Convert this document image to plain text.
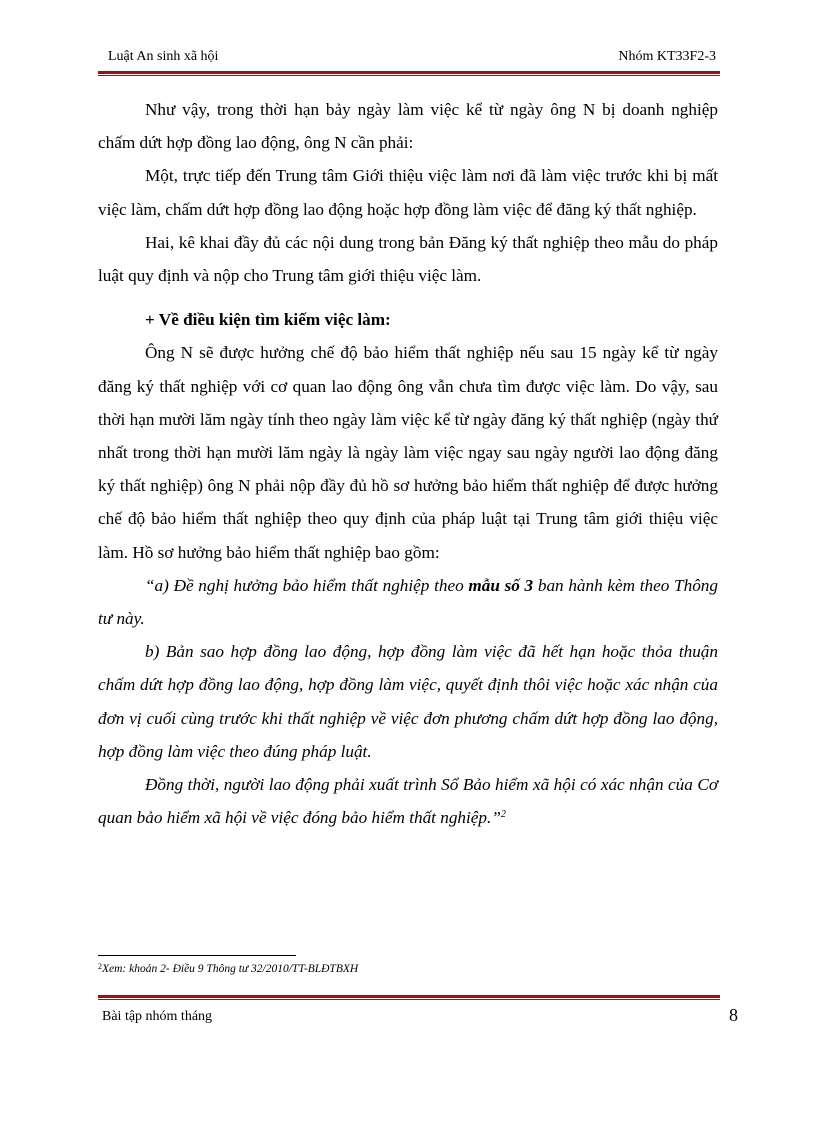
Luật An sinh xã hội	Nhóm KT33F2-3

Như vậy, trong thời hạn bảy ngày làm việc kể từ ngày ông N bị doanh nghiệp chấm dứt hợp đồng lao động, ông N cần phải:

Một, trực tiếp đến Trung tâm Giới thiệu việc làm nơi đã làm việc trước khi bị mất việc làm, chấm dứt hợp đồng lao động hoặc hợp đồng làm việc để đăng ký thất nghiệp.

Hai, kê khai đầy đủ các nội dung trong bản Đăng ký thất nghiệp theo mẫu do pháp luật quy định và nộp cho Trung tâm giới thiệu việc làm.

+ Về điều kiện tìm kiếm việc làm:

Ông N sẽ được hưởng chế độ bảo hiểm thất nghiệp nếu sau 15 ngày kể từ ngày đăng ký thất nghiệp với cơ quan lao động ông vẫn chưa tìm được việc làm. Do vậy, sau thời hạn mười lăm ngày tính theo ngày làm việc kể từ ngày đăng ký thất nghiệp (ngày thứ nhất trong thời hạn mười lăm ngày là ngày làm việc ngay sau ngày người lao động đăng ký thất nghiệp) ông N phải nộp đầy đủ hồ sơ hưởng bảo hiểm thất nghiệp để được hưởng chế độ bảo hiểm thất nghiệp theo quy định của pháp luật tại Trung tâm giới thiệu việc làm. Hồ sơ hưởng bảo hiểm thất nghiệp bao gồm:

“a) Đề nghị hưởng bảo hiểm thất nghiệp theo mẫu số 3 ban hành kèm theo Thông tư này.

b) Bản sao hợp đồng lao động, hợp đồng làm việc đã hết hạn hoặc thỏa thuận chấm dứt hợp đồng lao động, hợp đồng làm việc, quyết định thôi việc hoặc xác nhận của đơn vị cuối cùng trước khi thất nghiệp về việc đơn phương chấm dứt hợp đồng lao động, hợp đồng làm việc theo đúng pháp luật.

Đồng thời, người lao động phải xuất trình Sổ Bảo hiểm xã hội có xác nhận của Cơ quan bảo hiểm xã hội về việc đóng bảo hiểm thất nghiệp.”$^2$

$^2$Xem: khoản 2- Điều 9 Thông tư 32/2010/TT-BLĐTBXH
Bài tập nhóm tháng	8
